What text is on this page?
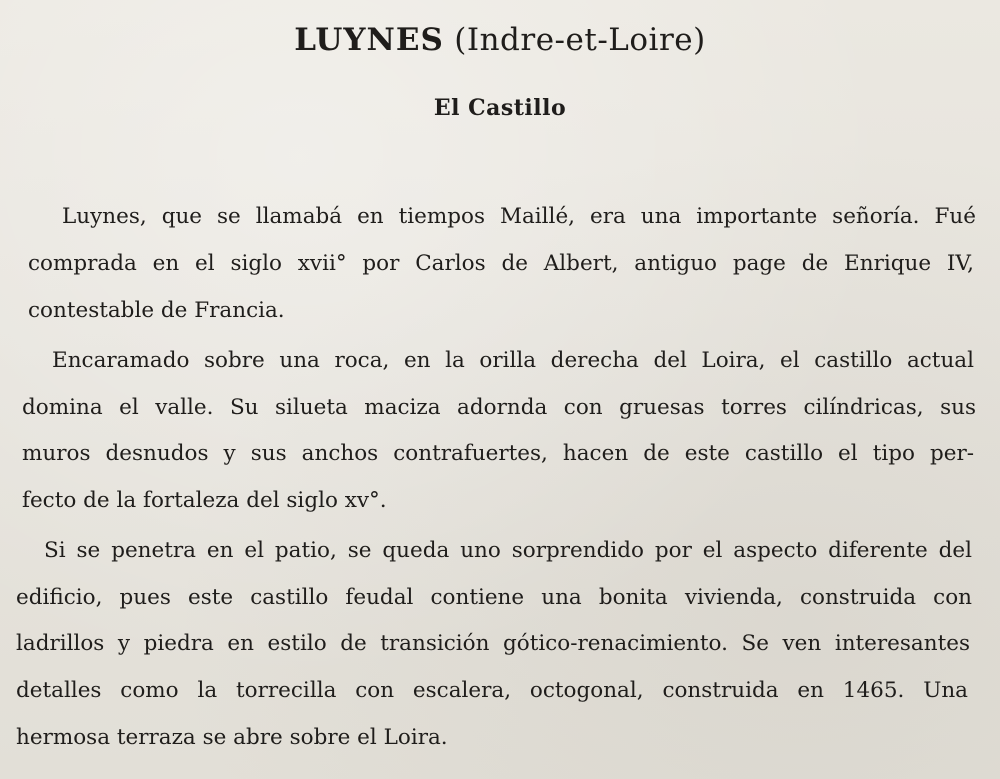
LUYNES (Indre-et-Loire)
El Castillo
Luynes, que se llamabá en tiempos Maillé, era una importante señoría. Fué
comprada en el siglo xvii° por Carlos de Albert, antiguo page de Enrique IV,
contestable de Francia.
Encaramado sobre una roca, en la orilla derecha del Loira, el castillo actual
domina el valle. Su silueta maciza adornda con gruesas torres cilíndricas, sus
muros desnudos y sus anchos contrafuertes, hacen de este castillo el tipo per-
fecto de la fortaleza del siglo xv°.
Si se penetra en el patio, se queda uno sorprendido por el aspecto diferente del
edificio, pues este castillo feudal contiene una bonita vivienda, construida con
ladrillos y piedra en estilo de transición gótico-renacimiento. Se ven interesantes
detalles como la torrecilla con escalera, octogonal, construida en 1465. Una
hermosa terraza se abre sobre el Loira.
